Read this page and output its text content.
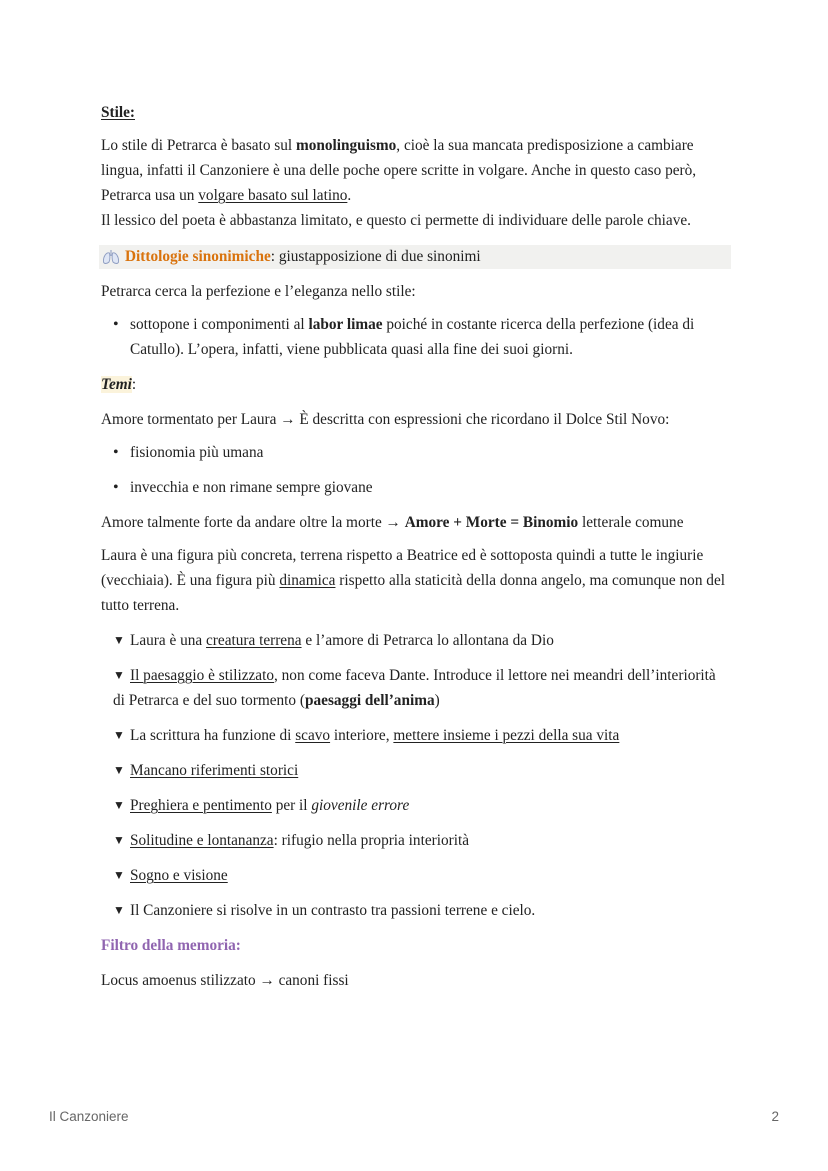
Stile:

Lo stile di Petrarca è basato sul monolinguismo, cioè la sua mancata predisposizione a cambiare lingua, infatti il Canzoniere è una delle poche opere scritte in volgare. Anche in questo caso però, Petrarca usa un volgare basato sul latino.

Il lessico del poeta è abbastanza limitato, e questo ci permette di individuare delle parole chiave.

Dittologie sinonimiche: giustapposizione di due sinonimi

Petrarca cerca la perfezione e l’eleganza nello stile:

• sottopone i componimenti al labor limae poiché in costante ricerca della perfezione (idea di Catullo). L’opera, infatti, viene pubblicata quasi alla fine dei suoi giorni.

Temi:

Amore tormentato per Laura → È descritta con espressioni che ricordano il Dolce Stil Novo:

• fisionomia più umana
• invecchia e non rimane sempre giovane

Amore talmente forte da andare oltre la morte → Amore + Morte = Binomio letterale comune

Laura è una figura più concreta, terrena rispetto a Beatrice ed è sottoposta quindi a tutte le ingiurie (vecchiaia). È una figura più dinamica rispetto alla staticità della donna angelo, ma comunque non del tutto terrena.

▼ Laura è una creatura terrena e l’amore di Petrarca lo allontana da Dio
▼ Il paesaggio è stilizzato, non come faceva Dante. Introduce il lettore nei meandri dell’interiorità di Petrarca e del suo tormento (paesaggi dell’anima)
▼ La scrittura ha funzione di scavo interiore, mettere insieme i pezzi della sua vita
▼ Mancano riferimenti storici
▼ Preghiera e pentimento per il giovenile errore
▼ Solitudine e lontananza: rifugio nella propria interiorità
▼ Sogno e visione
▼ Il Canzoniere si risolve in un contrasto tra passioni terrene e cielo.

Filtro della memoria:

Locus amoenus stilizzato → canoni fissi

Il Canzoniere	2
